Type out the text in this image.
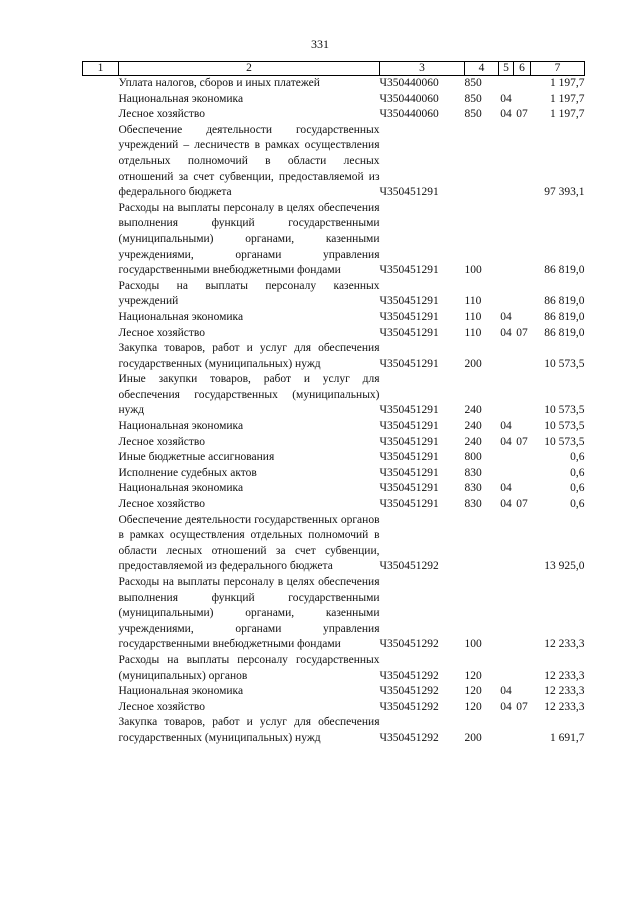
331
1	2	3	4	5	6	7
	Уплата налогов, сборов и иных платежей	Ч350440060	850			1 197,7
	Национальная экономика	Ч350440060	850	04		1 197,7
	Лесное хозяйство	Ч350440060	850	04	07	1 197,7
	Обеспечение деятельности государственных учреждений – лесничеств в рамках осуществления отдельных полномочий в области лесных отношений за счет субвенции, предоставляемой из федерального бюджета	Ч350451291				97 393,1
	Расходы на выплаты персоналу в целях обеспечения выполнения функций государственными (муниципальными) органами, казенными учреждениями, органами управления государственными внебюджетными фондами	Ч350451291	100			86 819,0
	Расходы на выплаты персоналу казенных учреждений	Ч350451291	110			86 819,0
	Национальная экономика	Ч350451291	110	04		86 819,0
	Лесное хозяйство	Ч350451291	110	04	07	86 819,0
	Закупка товаров, работ и услуг для обеспечения государственных (муниципальных) нужд	Ч350451291	200			10 573,5
	Иные закупки товаров, работ и услуг для обеспечения государственных (муниципальных) нужд	Ч350451291	240			10 573,5
	Национальная экономика	Ч350451291	240	04		10 573,5
	Лесное хозяйство	Ч350451291	240	04	07	10 573,5
	Иные бюджетные ассигнования	Ч350451291	800			0,6
	Исполнение судебных актов	Ч350451291	830			0,6
	Национальная экономика	Ч350451291	830	04		0,6
	Лесное хозяйство	Ч350451291	830	04	07	0,6
	Обеспечение деятельности государственных органов в рамках осуществления отдельных полномочий в области лесных отношений за счет субвенции, предоставляемой из федерального бюджета	Ч350451292				13 925,0
	Расходы на выплаты персоналу в целях обеспечения выполнения функций государственными (муниципальными) органами, казенными учреждениями, органами управления государственными внебюджетными фондами	Ч350451292	100			12 233,3
	Расходы на выплаты персоналу государственных (муниципальных) органов	Ч350451292	120			12 233,3
	Национальная экономика	Ч350451292	120	04		12 233,3
	Лесное хозяйство	Ч350451292	120	04	07	12 233,3
	Закупка товаров, работ и услуг для обеспечения государственных (муниципальных) нужд	Ч350451292	200			1 691,7
